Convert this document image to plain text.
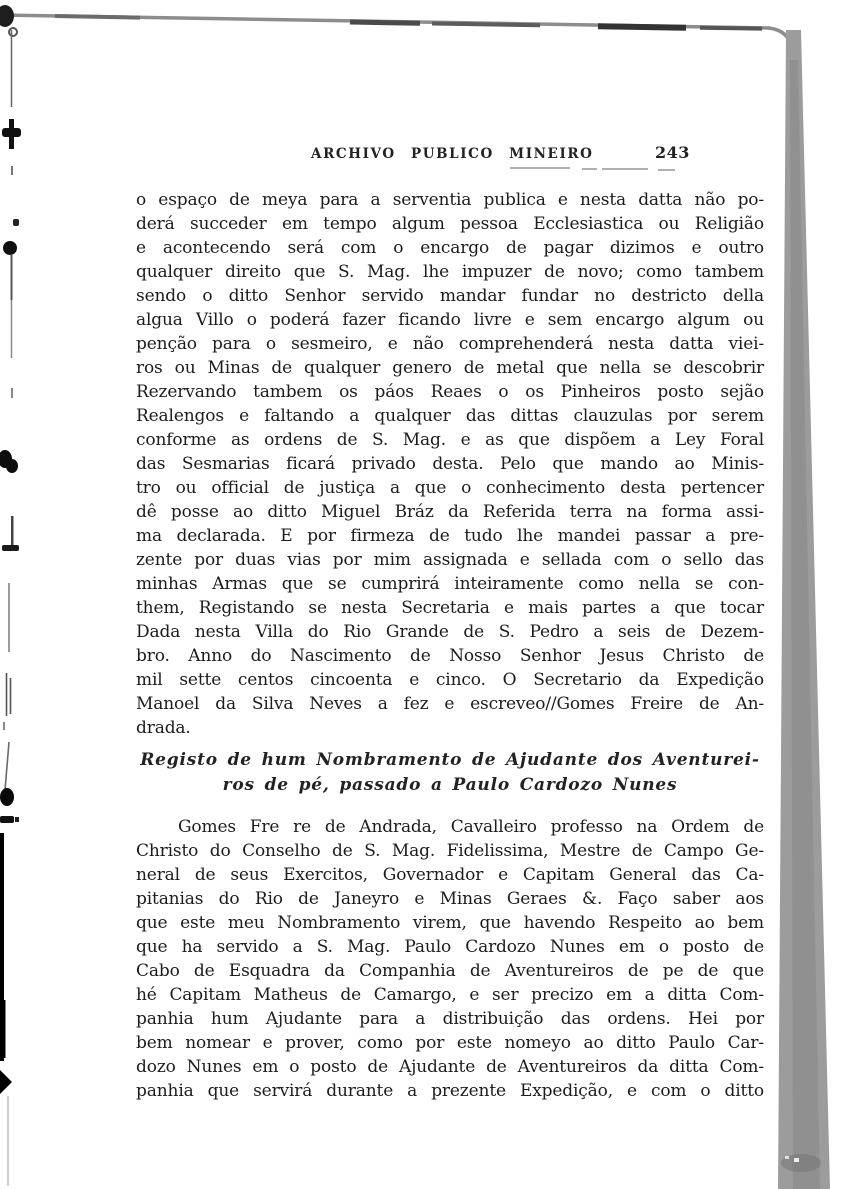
ARCHIVO PUBLICO MINEIRO	243
o espaço de meya para a serventia publica e nesta datta não po-
derá succeder em tempo algum pessoa Ecclesiastica ou Religião
e acontecendo será com o encargo de pagar dizimos e outro
qualquer direito que S. Mag. lhe impuzer de novo; como tambem
sendo o ditto Senhor servido mandar fundar no destricto della
algua Villo o poderá fazer ficando livre e sem encargo algum ou
penção para o sesmeiro, e não comprehenderá nesta datta viei-
ros ou Minas de qualquer genero de metal que nella se descobrir
Rezervando tambem os páos Reaes o os Pinheiros posto sejão
Realengos e faltando a qualquer das dittas clauzulas por serem
conforme as ordens de S. Mag. e as que dispõem a Ley Foral
das Sesmarias ficará privado desta. Pelo que mando ao Minis-
tro ou official de justiça a que o conhecimento desta pertencer
dê posse ao ditto Miguel Bráz da Referida terra na forma assi-
ma declarada. E por firmeza de tudo lhe mandei passar a pre-
zente por duas vias por mim assignada e sellada com o sello das
minhas Armas que se cumprirá inteiramente como nella se con-
them, Registando se nesta Secretaria e mais partes a que tocar
Dada nesta Villa do Rio Grande de S. Pedro a seis de Dezem-
bro. Anno do Nascimento de Nosso Senhor Jesus Christo de
mil sette centos cincoenta e cinco. O Secretario da Expedição
Manoel da Silva Neves a fez e escreveo//Gomes Freire de An-
drada.
Registo de hum Nombramento de Ajudante dos Aventurei-
ros de pé, passado a Paulo Cardozo Nunes
Gomes Fre re de Andrada, Cavalleiro professo na Ordem de
Christo do Conselho de S. Mag. Fidelissima, Mestre de Campo Ge-
neral de seus Exercitos, Governador e Capitam General das Ca-
pitanias do Rio de Janeyro e Minas Geraes &. Faço saber aos
que este meu Nombramento virem, que havendo Respeito ao bem
que ha servido a S. Mag. Paulo Cardozo Nunes em o posto de
Cabo de Esquadra da Companhia de Aventureiros de pe de que
hé Capitam Matheus de Camargo, e ser precizo em a ditta Com-
panhia hum Ajudante para a distribuição das ordens. Hei por
bem nomear e prover, como por este nomeyo ao ditto Paulo Car-
dozo Nunes em o posto de Ajudante de Aventureiros da ditta Com-
panhia que servirá durante a prezente Expedição, e com o ditto
